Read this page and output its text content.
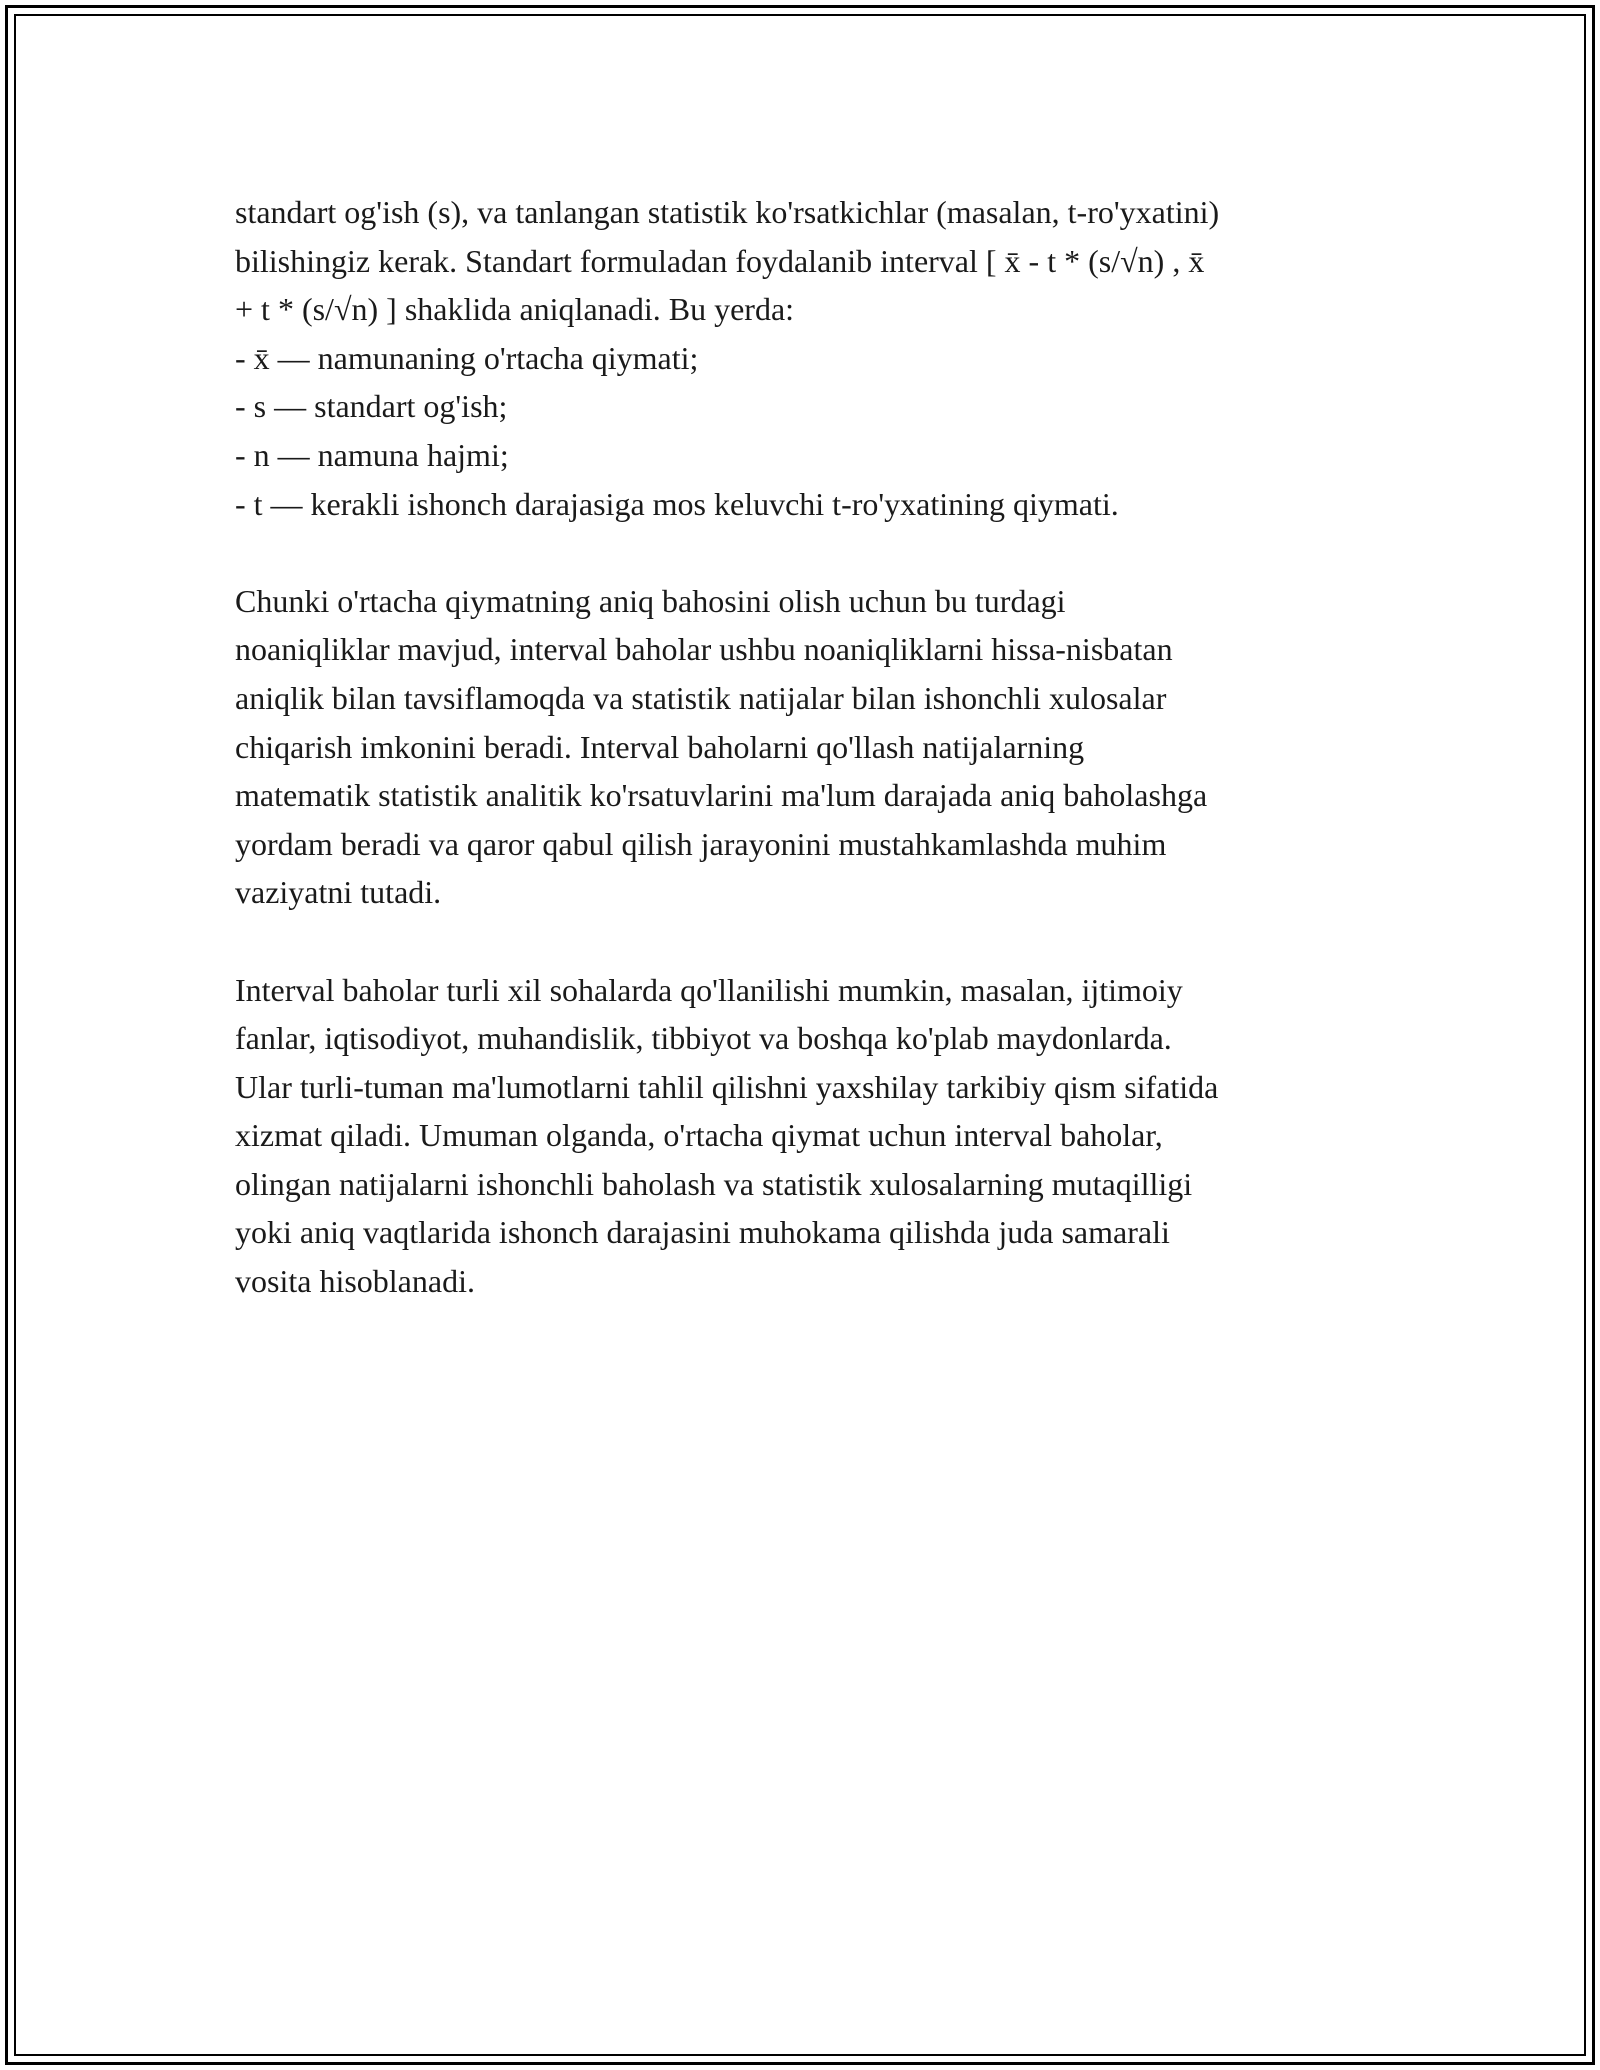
standart og'ish (s), va tanlangan statistik ko'rsatkichlar (masalan, t-ro'yxatini)
bilishingiz kerak. Standart formuladan foydalanib interval [ x̄ - t * (s/√n) , x̄
+ t * (s/√n) ] shaklida aniqlanadi. Bu yerda:
- x̄ — namunaning o'rtacha qiymati;
- s — standart og'ish;
- n — namuna hajmi;
- t — kerakli ishonch darajasiga mos keluvchi t-ro'yxatining qiymati.
Chunki o'rtacha qiymatning aniq bahosini olish uchun bu turdagi
noaniqliklar mavjud, interval baholar ushbu noaniqliklarni hissa-nisbatan
aniqlik bilan tavsiflamoqda va statistik natijalar bilan ishonchli xulosalar
chiqarish imkonini beradi. Interval baholarni qo'llash natijalarning
matematik statistik analitik ko'rsatuvlarini ma'lum darajada aniq baholashga
yordam beradi va qaror qabul qilish jarayonini mustahkamlashda muhim
vaziyatni tutadi.
Interval baholar turli xil sohalarda qo'llanilishi mumkin, masalan, ijtimoiy
fanlar, iqtisodiyot, muhandislik, tibbiyot va boshqa ko'plab maydonlarda.
Ular turli-tuman ma'lumotlarni tahlil qilishni yaxshilay tarkibiy qism sifatida
xizmat qiladi. Umuman olganda, o'rtacha qiymat uchun interval baholar,
olingan natijalarni ishonchli baholash va statistik xulosalarning mutaqilligi
yoki aniq vaqtlarida ishonch darajasini muhokama qilishda juda samarali
vosita hisoblanadi.
